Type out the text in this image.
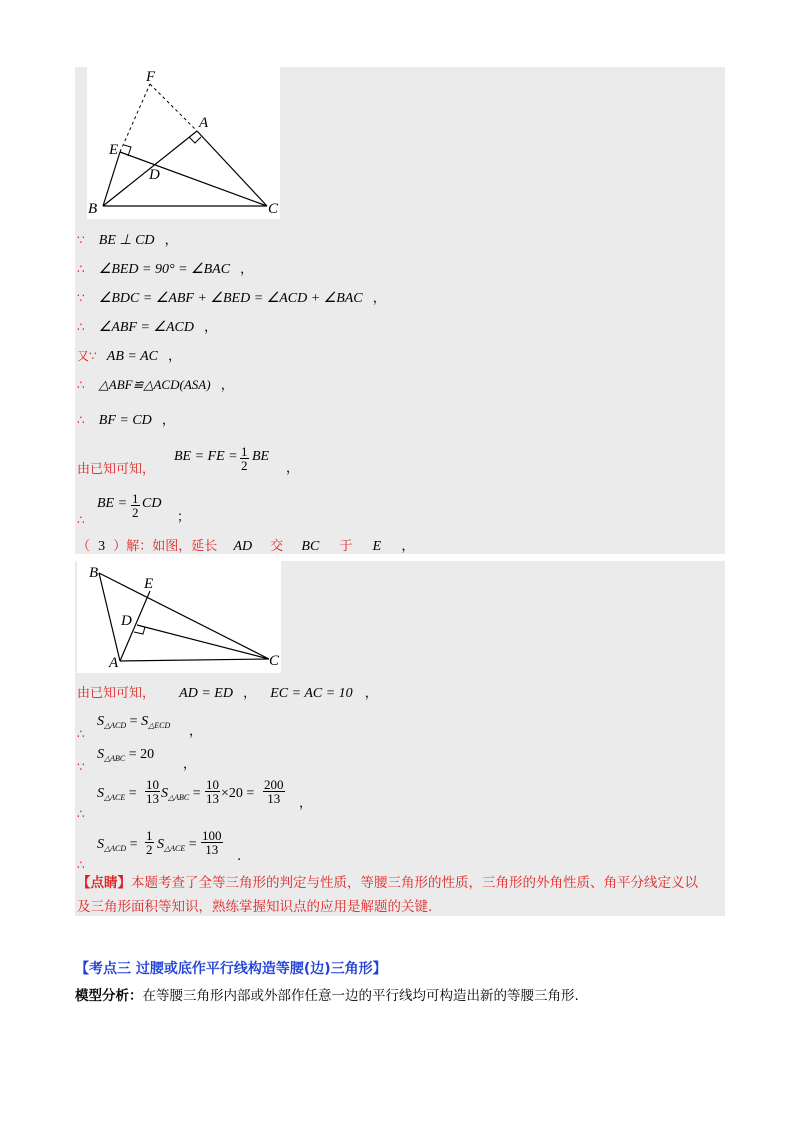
F
A
E
D
B	C
∵ BE ⊥ CD ，
∴ ∠BED = 90° = ∠BAC ，
∵ ∠BDC = ∠ABF + ∠BED = ∠ACD + ∠BAC ，
∴ ∠ABF = ∠ACD ，
又∵ AB = AC ，
∴ △ABF≌△ACD(ASA) ，
∴ BF = CD ，
由已知可知，
BE = FE = $\frac{1}{2}$ BE
，
BE = $\frac{1}{2}$ CD
∴	；
（ 3 ）解：如图，延长 AD 交 BC 于 E ，
B
E
D
A	C
由已知可知， AD = ED ， EC = AC = 10 ，
∴
$S_{\triangle ACD} = S_{\triangle ECD}$ ，
∵
$S_{\triangle ABC} = 20$
，
$S_{\triangle ACE} = \frac{10}{13} S_{\triangle ABC} = \frac{10}{13} \times 20 = \frac{200}{13}$ ，
∴
$S_{\triangle ACD} = \frac{1}{2} S_{\triangle ACE} = \frac{100}{13}$
.
∴
【点睛】本题考查了全等三角形的判定与性质，等腰三角形的性质，三角形的外角性质、角平分线定义以
及三角形面积等知识，熟练掌握知识点的应用是解题的关键.
【考点三 过腰或底作平行线构造等腰(边)三角形】
模型分析：在等腰三角形内部或外部作任意一边的平行线均可构造出新的等腰三角形.
